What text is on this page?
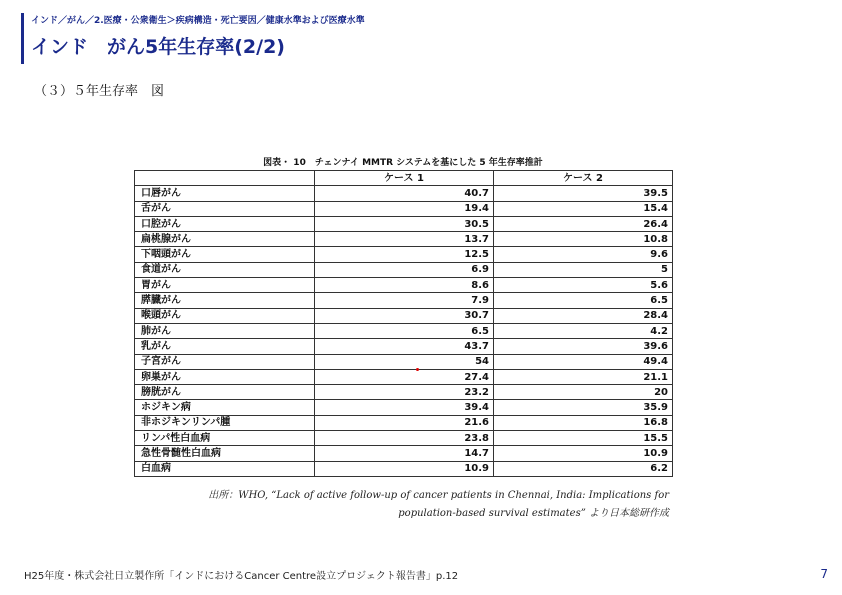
インド／がん／2.医療・公衆衛生＞疾病構造・死亡要因／健康水準および医療水準
インド　がん5年生存率(2/2)
（３）５年生存率　図
図表・ 10　チェンナイ MMTR システムを基にした 5 年生存率推計
	ケース 1	ケース 2
口唇がん	40.7	39.5
舌がん	19.4	15.4
口腔がん	30.5	26.4
扁桃腺がん	13.7	10.8
下咽頭がん	12.5	9.6
食道がん	6.9	5
胃がん	8.6	5.6
膵臓がん	7.9	6.5
喉頭がん	30.7	28.4
肺がん	6.5	4.2
乳がん	43.7	39.6
子宮がん	54	49.4
卵巣がん	27.4	21.1
膀胱がん	23.2	20
ホジキン病	39.4	35.9
非ホジキンリンパ腫	21.6	16.8
リンパ性白血病	23.8	15.5
急性骨髄性白血病	14.7	10.9
白血病	10.9	6.2
出所：WHO, “Lack of active follow-up of cancer patients in Chennai, India: Implications for
population-based survival estimates” より日本総研作成
H25年度・株式会社日立製作所「インドにおけるCancer Centre設立プロジェクト報告書」p.12	7
